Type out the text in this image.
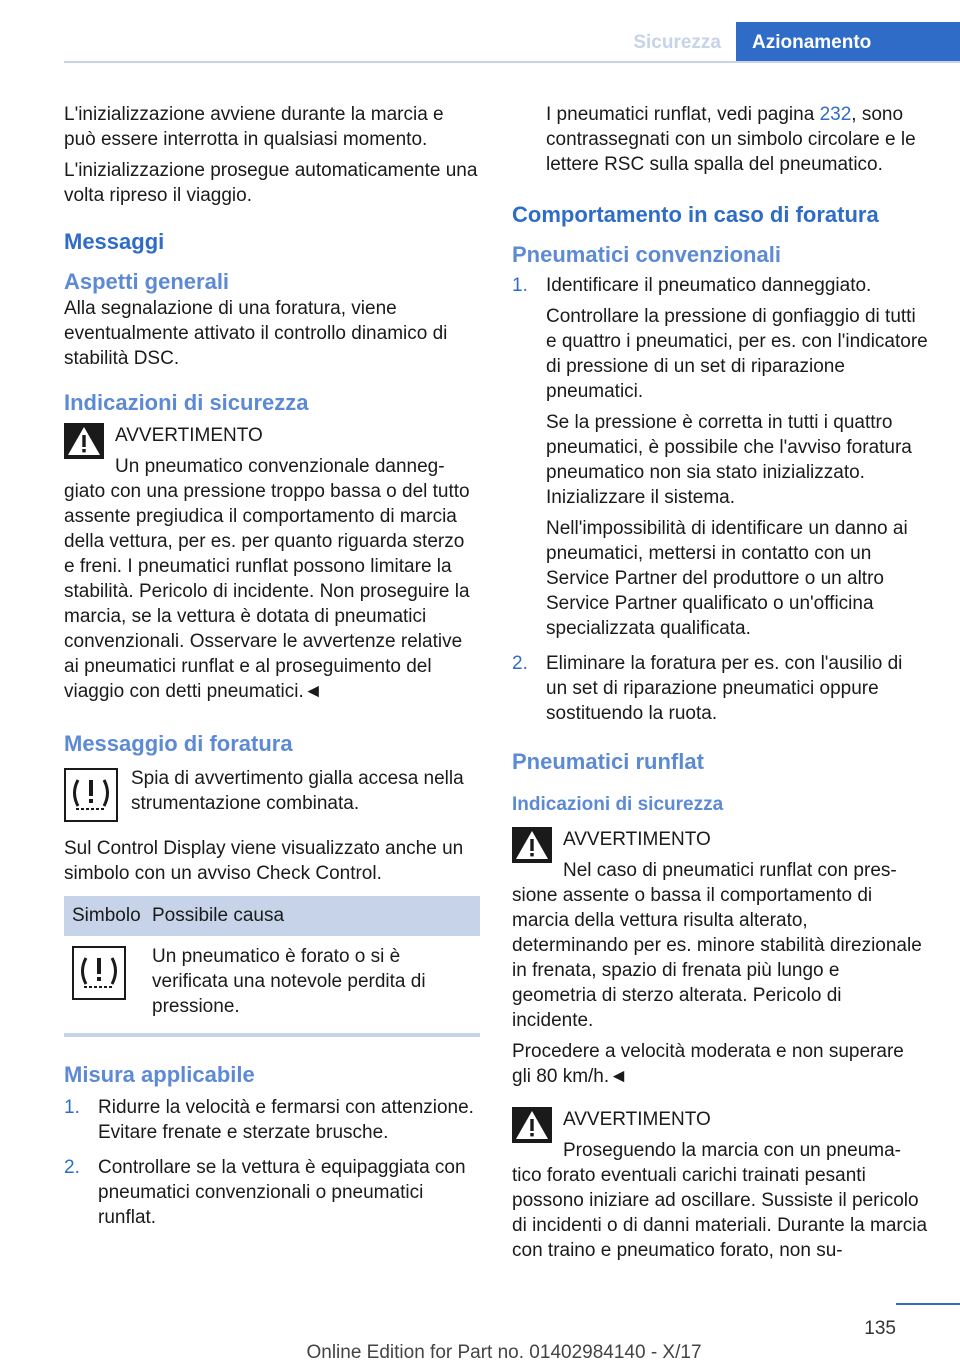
Sicurezza	Azionamento

L'inizializzazione avviene durante la marcia e può essere interrotta in qualsiasi momento.

L'inizializzazione prosegue automaticamente una volta ripreso il viaggio.

Messaggi
Aspetti generali

Alla segnalazione di una foratura, viene eventualmente attivato il controllo dinamico di stabilità DSC.

Indicazioni di sicurezza

AVVERTIMENTO

Un pneumatico convenzionale danneg-

giato con una pressione troppo bassa o del tutto assente pregiudica il comportamento di marcia della vettura, per es. per quanto riguarda sterzo e freni. I pneumatici runflat possono limitare la stabilità. Pericolo di incidente. Non proseguire la marcia, se la vettura è dotata di pneumatici convenzionali. Osservare le avvertenze relative ai pneumatici runflat e al proseguimento del viaggio con detti pneumatici.◄

Messaggio di foratura

Spia di avvertimento gialla accesa nella strumentazione combinata.

Sul Control Display viene visualizzato anche un simbolo con un avviso Check Control.

Simbolo	Possibile causa
	Un pneumatico è forato o si è verificata una notevole perdita di pressione.
Misura applicabile
1. Ridurre la velocità e fermarsi con attenzione. Evitare frenate e sterzate brusche.
2. Controllare se la vettura è equipaggiata con pneumatici convenzionali o pneumatici runflat.

I pneumatici runflat, vedi pagina 232, sono contrassegnati con un simbolo circolare e le lettere RSC sulla spalla del pneumatico.

Comportamento in caso di foratura
Pneumatici convenzionali
1. Identificare il pneumatico danneggiato.

Controllare la pressione di gonfiaggio di tutti e quattro i pneumatici, per es. con l'indicatore di pressione di un set di riparazione pneumatici.

Se la pressione è corretta in tutti i quattro pneumatici, è possibile che l'avviso foratura pneumatico non sia stato inizializzato. Inizializzare il sistema.

Nell'impossibilità di identificare un danno ai pneumatici, mettersi in contatto con un Service Partner del produttore o un altro Service Partner qualificato o un'officina specializzata qualificata.

2. Eliminare la foratura per es. con l'ausilio di un set di riparazione pneumatici oppure sostituendo la ruota.

Pneumatici runflat
Indicazioni di sicurezza

AVVERTIMENTO

Nel caso di pneumatici runflat con pres-

sione assente o bassa il comportamento di marcia della vettura risulta alterato, determinando per es. minore stabilità direzionale in frenata, spazio di frenata più lungo e geometria di sterzo alterata. Pericolo di incidente.

Procedere a velocità moderata e non superare gli 80 km/h.◄

AVVERTIMENTO

Proseguendo la marcia con un pneuma-

tico forato eventuali carichi trainati pesanti possono iniziare ad oscillare. Sussiste il pericolo di incidenti o di danni materiali. Durante la marcia con traino e pneumatico forato, non su-

135
Online Edition for Part no. 01402984140 - X/17
